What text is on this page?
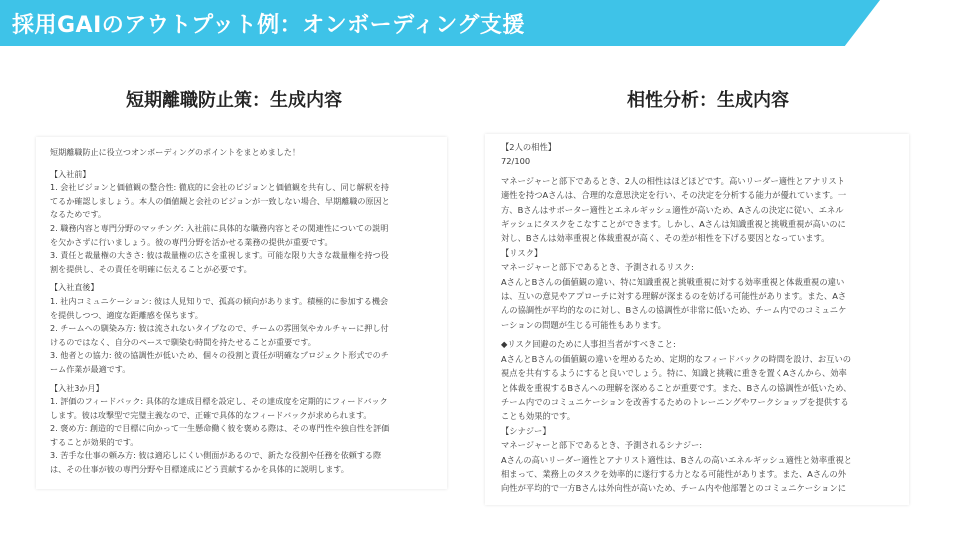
採用GAIのアウトプット例：オンボーディング支援
短期離職防止策：生成内容	相性分析：生成内容
短期離職防止に役立つオンボーディングのポイントをまとめました！
【入社前】
1. 会社ビジョンと価値観の整合性: 徹底的に会社のビジョンと価値観を共有し、同じ解釈を持
てるか確認しましょう。本人の価値観と会社のビジョンが一致しない場合、早期離職の原因と
なるためです。
2. 職務内容と専門分野のマッチング: 入社前に具体的な職務内容とその関連性についての説明
を欠かさずに行いましょう。彼の専門分野を活かせる業務の提供が重要です。
3. 責任と裁量権の大きさ: 彼は裁量権の広さを重視します。可能な限り大きな裁量権を持つ役
割を提供し、その責任を明確に伝えることが必要です。
【入社直後】
1. 社内コミュニケーション: 彼は人見知りで、孤高の傾向があります。積極的に参加する機会
を提供しつつ、適度な距離感を保ちます。
2. チームへの馴染み方: 彼は流されないタイプなので、チームの雰囲気やカルチャーに押し付
けるのではなく、自分のペースで馴染む時間を持たせることが重要です。
3. 他者との協力: 彼の協調性が低いため、個々の役割と責任が明確なプロジェクト形式でのチ
ーム作業が最適です。
【入社3か月】
1. 評価のフィードバック: 具体的な達成目標を設定し、その達成度を定期的にフィードバック
します。彼は攻撃型で完璧主義なので、正確で具体的なフィードバックが求められます。
2. 褒め方: 創造的で目標に向かって一生懸命働く彼を褒める際は、その専門性や独自性を評価
することが効果的です。
3. 苦手な仕事の頼み方: 彼は適応しにくい側面があるので、新たな役割や任務を依頼する際
は、その仕事が彼の専門分野や目標達成にどう貢献するかを具体的に説明します。
【2人の相性】
72/100
マネージャーと部下であるとき、2人の相性はほどほどです。高いリーダー適性とアナリスト
適性を持つAさんは、合理的な意思決定を行い、その決定を分析する能力が優れています。一
方、Bさんはサポーター適性とエネルギッシュ適性が高いため、Aさんの決定に従い、エネル
ギッシュにタスクをこなすことができます。しかし、Aさんは知識重視と挑戦重視が高いのに
対し、Bさんは効率重視と体裁重視が高く、その差が相性を下げる要因となっています。
【リスク】
マネージャーと部下であるとき、予測されるリスク:
AさんとBさんの価値観の違い、特に知識重視と挑戦重視に対する効率重視と体裁重視の違い
は、互いの意見やアプローチに対する理解が深まるのを妨げる可能性があります。また、Aさ
んの協調性が平均的なのに対し、Bさんの協調性が非常に低いため、チーム内でのコミュニケ
ーションの問題が生じる可能性もあります。
◆リスク回避のために人事担当者がすべきこと:
AさんとBさんの価値観の違いを埋めるため、定期的なフィードバックの時間を設け、お互いの
視点を共有するようにすると良いでしょう。特に、知識と挑戦に重きを置くAさんから、効率
と体裁を重視するBさんへの理解を深めることが重要です。また、Bさんの協調性が低いため、
チーム内でのコミュニケーションを改善するためのトレーニングやワークショップを提供する
ことも効果的です。
【シナジー】
マネージャーと部下であるとき、予測されるシナジー:
Aさんの高いリーダー適性とアナリスト適性は、Bさんの高いエネルギッシュ適性と効率重視と
相まって、業務上のタスクを効率的に遂行する力となる可能性があります。また、Aさんの外
向性が平均的で一方Bさんは外向性が高いため、チーム内や他部署とのコミュニケーションに
